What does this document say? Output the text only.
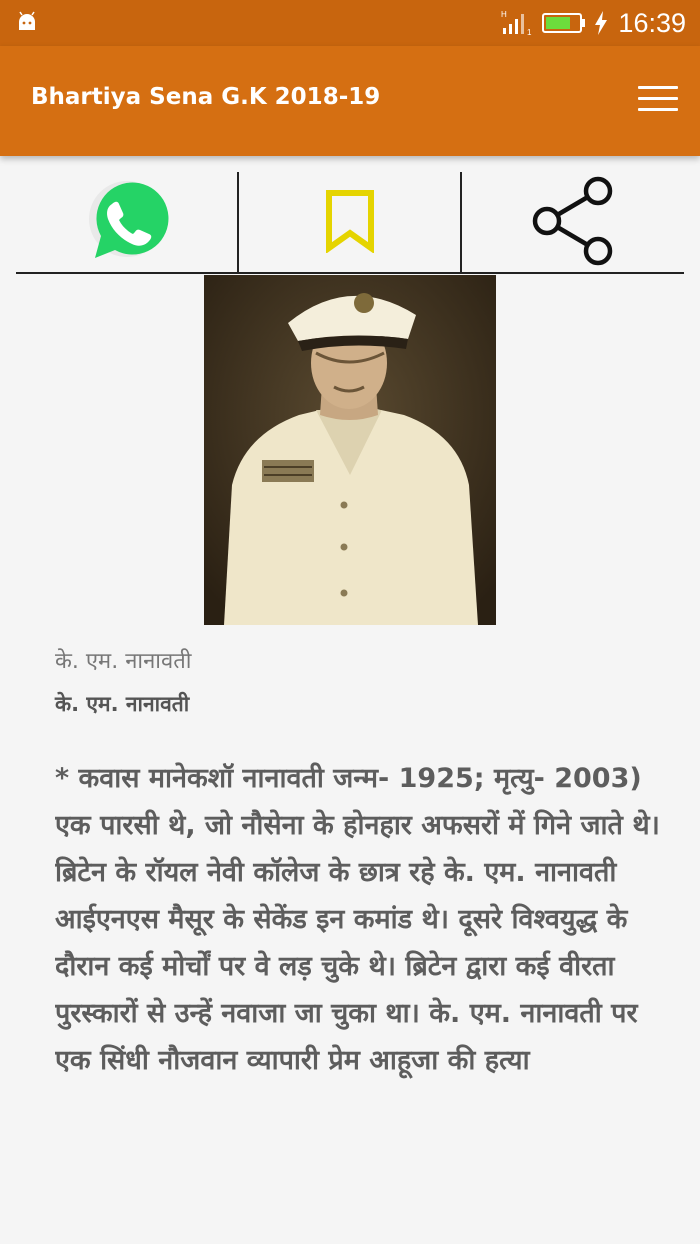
H
1	16:39
Bhartiya Sena G.K 2018-19
के. एम. नानावती
के. एम. नानावती

* कवास मानेकशॉ नानावती जन्म- 1925; मृत्यु- 2003) एक पारसी थे, जो नौसेना के होनहार अफसरों में गिने जाते थे। ब्रिटेन के रॉयल नेवी कॉलेज के छात्र रहे के. एम. नानावती आईएनएस मैसूर के सेकेंड इन कमांड थे। दूसरे विश्वयुद्ध के दौरान कई मोर्चों पर वे लड़ चुके थे। ब्रिटेन द्वारा कई वीरता पुरस्कारों से उन्हें नवाजा जा चुका था। के. एम. नानावती पर एक सिंधी नौजवान व्यापारी प्रेम आहूजा की हत्या
